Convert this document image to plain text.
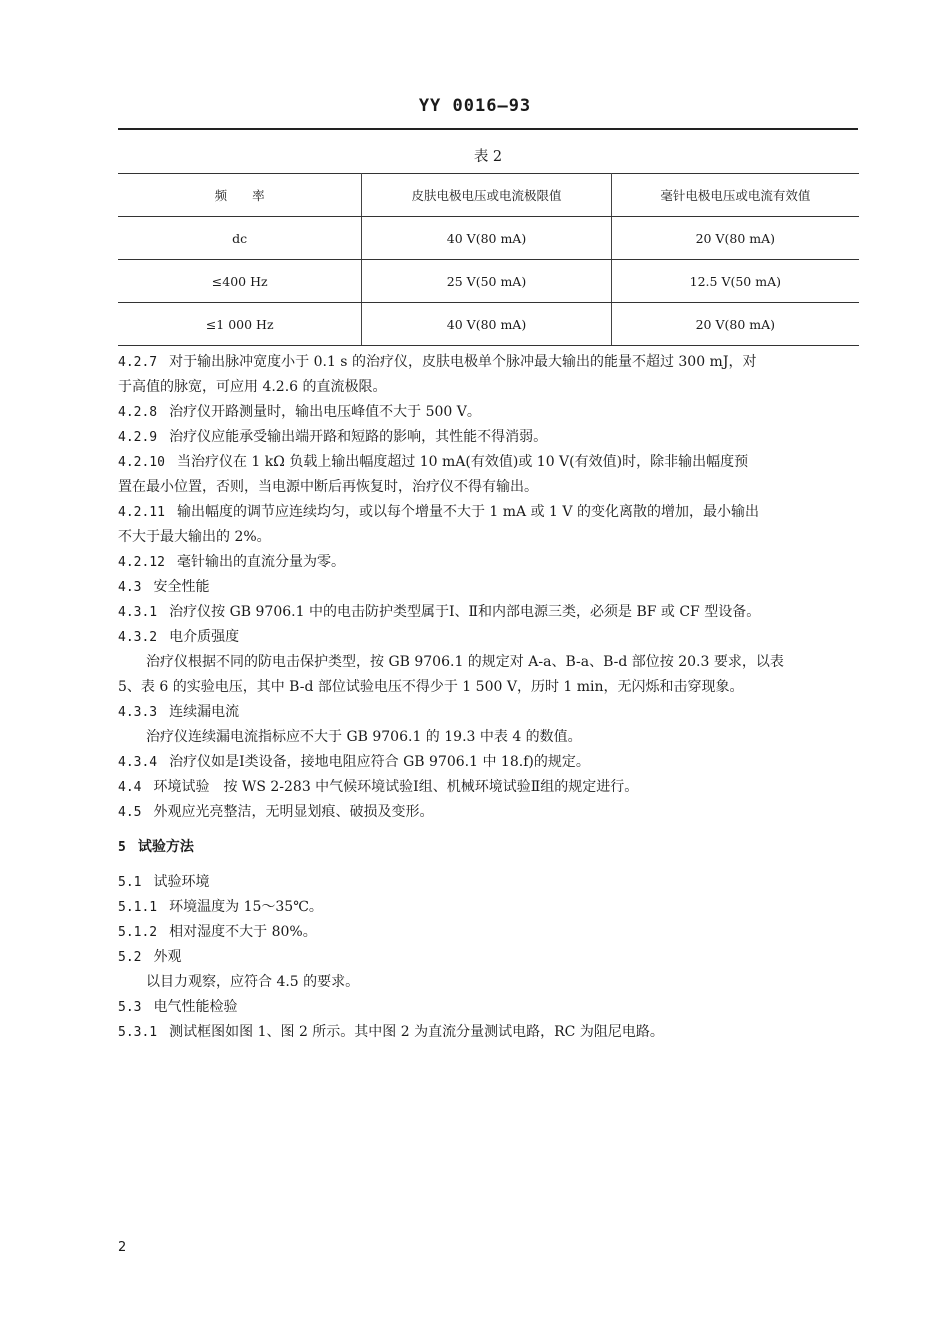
YY 0016—93
表 2
频　　率	皮肤电极电压或电流极限值	毫针电极电压或电流有效值
dc	40 V(80 mA)	20 V(80 mA)
≤400 Hz	25 V(50 mA)	12.5 V(50 mA)
≤1 000 Hz	40 V(80 mA)	20 V(80 mA)

4.2.7 对于输出脉冲宽度小于 0.1 s 的治疗仪，皮肤电极单个脉冲最大输出的能量不超过 300 mJ，对

于高值的脉宽，可应用 4.2.6 的直流极限。

4.2.8 治疗仪开路测量时，输出电压峰值不大于 500 V。

4.2.9 治疗仪应能承受输出端开路和短路的影响，其性能不得消弱。

4.2.10 当治疗仪在 1 kΩ 负载上输出幅度超过 10 mA(有效值)或 10 V(有效值)时，除非输出幅度预

置在最小位置，否则，当电源中断后再恢复时，治疗仪不得有输出。

4.2.11 输出幅度的调节应连续均匀，或以每个增量不大于 1 mA 或 1 V 的变化离散的增加，最小输出

不大于最大输出的 2%。

4.2.12 毫针输出的直流分量为零。

4.3 安全性能

4.3.1 治疗仪按 GB 9706.1 中的电击防护类型属于Ⅰ、Ⅱ和内部电源三类，必须是 BF 或 CF 型设备。

4.3.2 电介质强度

治疗仪根据不同的防电击保护类型，按 GB 9706.1 的规定对 A-a、B-a、B-d 部位按 20.3 要求，以表

5、表 6 的实验电压，其中 B-d 部位试验电压不得少于 1 500 V，历时 1 min，无闪烁和击穿现象。

4.3.3 连续漏电流

治疗仪连续漏电流指标应不大于 GB 9706.1 的 19.3 中表 4 的数值。

4.3.4 治疗仪如是Ⅰ类设备，接地电阻应符合 GB 9706.1 中 18.f)的规定。

4.4 环境试验　按 WS 2-283 中气候环境试验Ⅰ组、机械环境试验Ⅱ组的规定进行。

4.5 外观应光亮整洁，无明显划痕、破损及变形。

5 试验方法

5.1 试验环境

5.1.1 环境温度为 15～35℃。

5.1.2 相对湿度不大于 80%。

5.2 外观

以目力观察，应符合 4.5 的要求。

5.3 电气性能检验

5.3.1 测试框图如图 1、图 2 所示。其中图 2 为直流分量测试电路，RC 为阻尼电路。

2
